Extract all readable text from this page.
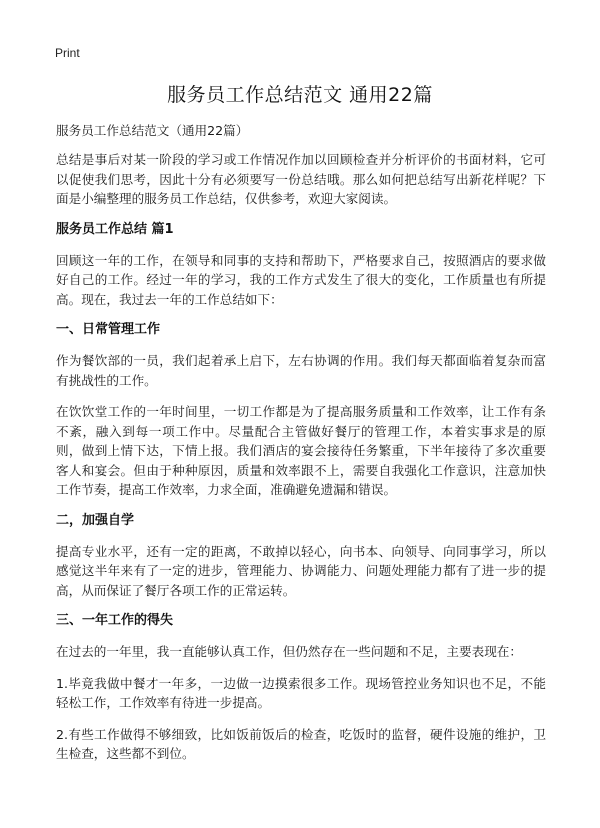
Print
服务员工作总结范文 通用22篇
服务员工作总结范文（通用22篇）

总结是事后对某一阶段的学习或工作情况作加以回顾检查并分析评价的书面材料，它可以促使我们思考，因此十分有必须要写一份总结哦。那么如何把总结写出新花样呢？下面是小编整理的服务员工作总结，仅供参考，欢迎大家阅读。

服务员工作总结 篇1

回顾这一年的工作，在领导和同事的支持和帮助下，严格要求自己，按照酒店的要求做好自己的工作。经过一年的学习，我的工作方式发生了很大的变化，工作质量也有所提高。现在，我过去一年的工作总结如下：

一、日常管理工作

作为餐饮部的一员，我们起着承上启下，左右协调的作用。我们每天都面临着复杂而富有挑战性的工作。

在饮饮堂工作的一年时间里，一切工作都是为了提高服务质量和工作效率，让工作有条不紊，融入到每一项工作中。尽量配合主管做好餐厅的管理工作，本着实事求是的原则，做到上情下达，下情上报。我们酒店的宴会接待任务繁重，下半年接待了多次重要客人和宴会。但由于种种原因，质量和效率跟不上，需要自我强化工作意识，注意加快工作节奏，提高工作效率，力求全面，准确避免遗漏和错误。

二，加强自学

提高专业水平，还有一定的距离，不敢掉以轻心，向书本、向领导、向同事学习，所以感觉这半年来有了一定的进步，管理能力、协调能力、问题处理能力都有了进一步的提高，从而保证了餐厅各项工作的正常运转。

三、一年工作的得失

在过去的一年里，我一直能够认真工作，但仍然存在一些问题和不足，主要表现在：

1.毕竟我做中餐才一年多，一边做一边摸索很多工作。现场管控业务知识也不足，不能轻松工作，工作效率有待进一步提高。

2.有些工作做得不够细致，比如饭前饭后的检查，吃饭时的监督，硬件设施的维护，卫生检查，这些都不到位。
